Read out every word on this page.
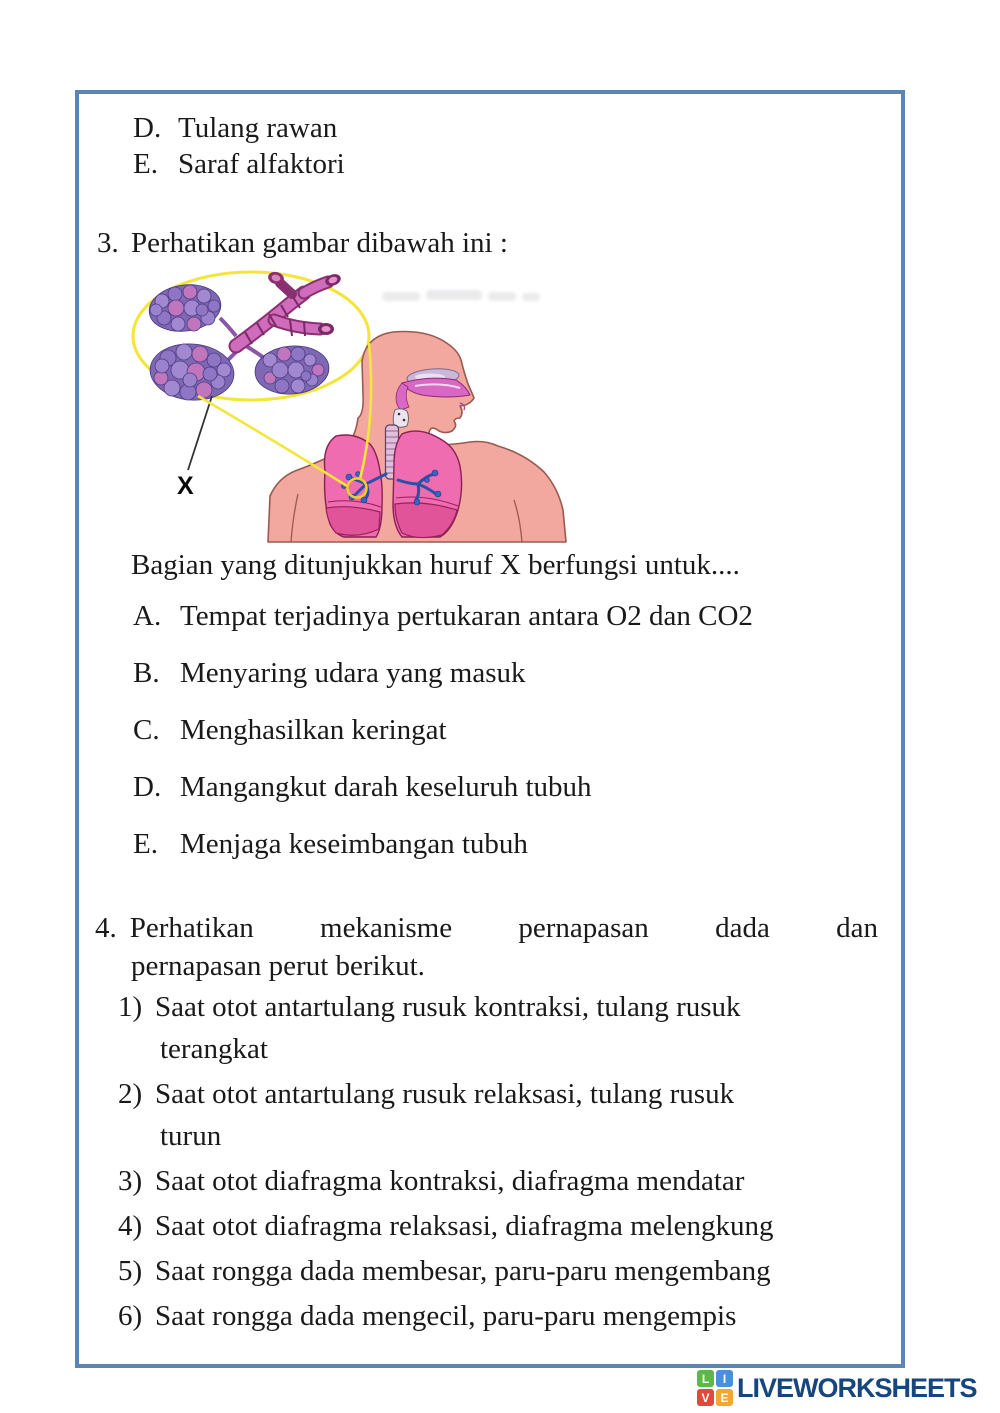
D. Tulang rawan
E. Saraf alfaktori
3. Perhatikan gambar dibawah ini :
X
Bagian yang ditunjukkan huruf X berfungsi untuk....
A. Tempat terjadinya pertukaran antara O2 dan CO2
B. Menyaring udara yang masuk
C. Menghasilkan keringat
D. Mangangkut darah keseluruh tubuh
E. Menjaga keseimbangan tubuh
4. Perhatikan mekanisme pernapasan dada dan
pernapasan perut berikut.
1) Saat otot antartulang rusuk kontraksi, tulang rusuk
terangkat
2) Saat otot antartulang rusuk relaksasi, tulang rusuk
turun
3) Saat otot diafragma kontraksi, diafragma mendatar
4) Saat otot diafragma relaksasi, diafragma melengkung
5) Saat rongga dada membesar, paru-paru mengembang
6) Saat rongga dada mengecil, paru-paru mengempis
L	I
V E LIVEWORKSHEETS
